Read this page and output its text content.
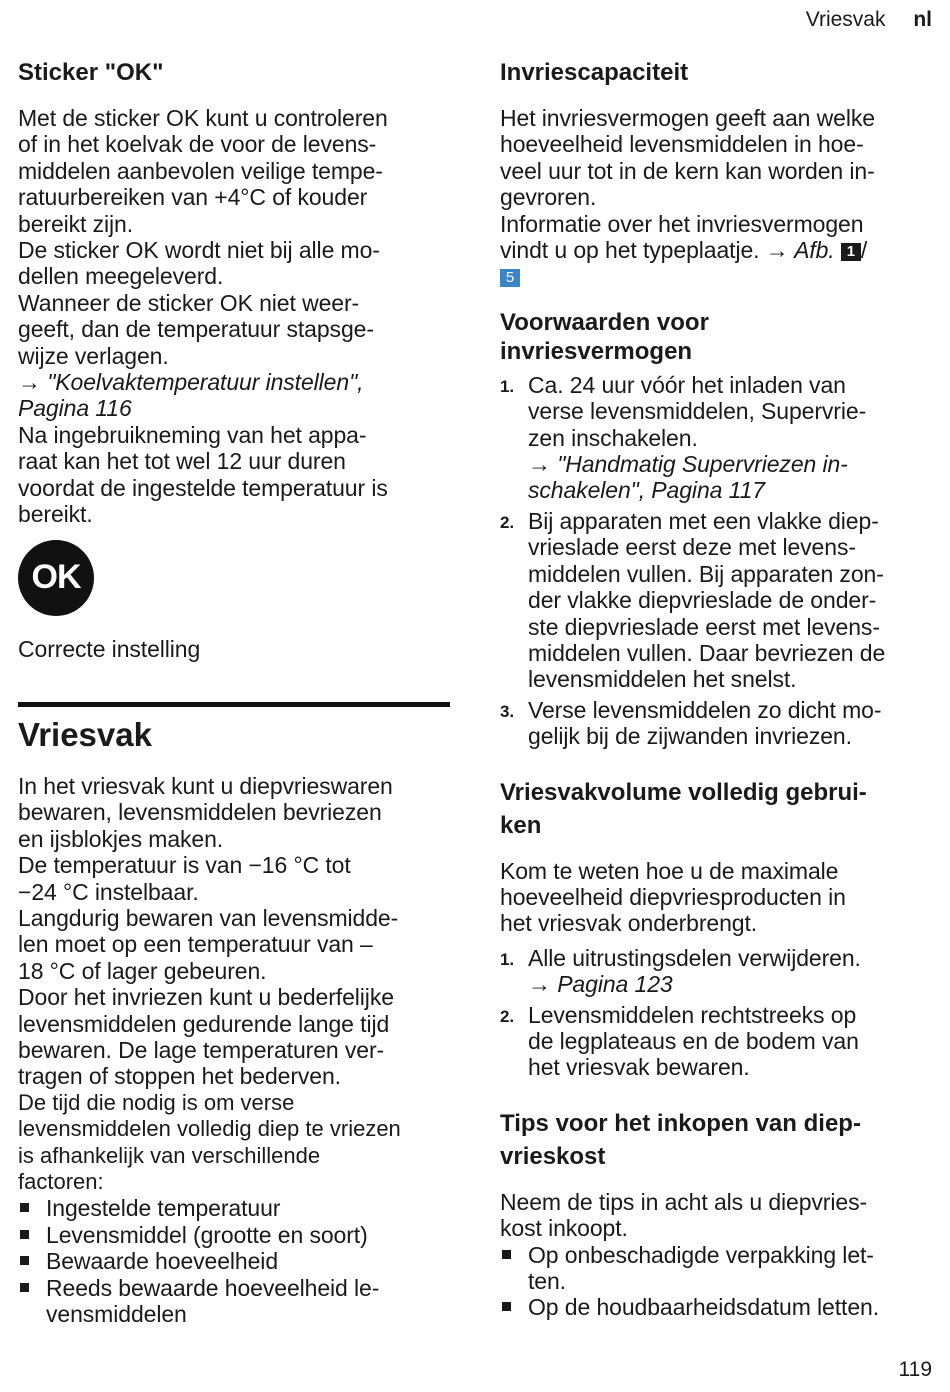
Vriesvak nl
Sticker "OK"
Met de sticker OK kunt u controleren
of in het koelvak de voor de levens-
middelen aanbevolen veilige tempe-
ratuurbereiken van +4°C of kouder
bereikt zijn.
De sticker OK wordt niet bij alle mo-
dellen meegeleverd.
Wanneer de sticker OK niet weer-
geeft, dan de temperatuur stapsge-
wijze verlagen.
→ "Koelvaktemperatuur instellen",
Pagina 116
Na ingebruikneming van het appa-
raat kan het tot wel 12 uur duren
voordat de ingestelde temperatuur is
bereikt.
OK
Correcte instelling
Vriesvak
In het vriesvak kunt u diepvrieswaren
bewaren, levensmiddelen bevriezen
en ijsblokjes maken.
De temperatuur is van −16 °C tot
−24 °C instelbaar.
Langdurig bewaren van levensmidde-
len moet op een temperatuur van –
18 °C of lager gebeuren.
Door het invriezen kunt u bederfelijke
levensmiddelen gedurende lange tijd
bewaren. De lage temperaturen ver-
tragen of stoppen het bederven.
De tijd die nodig is om verse
levensmiddelen volledig diep te vriezen
is afhankelijk van verschillende
factoren:
Ingestelde temperatuur
Levensmiddel (grootte en soort)
Bewaarde hoeveelheid
Reeds bewaarde hoeveelheid le-
vensmiddelen
Invriescapaciteit
Het invriesvermogen geeft aan welke
hoeveelheid levensmiddelen in hoe-
veel uur tot in de kern kan worden in-
gevroren.
Informatie over het invriesvermogen
vindt u op het typeplaatje. → Afb. 1 /
5
Voorwaarden voor
invriesvermogen
1. Ca. 24 uur vóór het inladen van
verse levensmiddelen, Supervrie-
zen inschakelen.
→ "Handmatig Supervriezen in-
schakelen", Pagina 117
2. Bij apparaten met een vlakke diep-
vrieslade eerst deze met levens-
middelen vullen. Bij apparaten zon-
der vlakke diepvrieslade de onder-
ste diepvrieslade eerst met levens-
middelen vullen. Daar bevriezen de
levensmiddelen het snelst.
3. Verse levensmiddelen zo dicht mo-
gelijk bij de zijwanden invriezen.
Vriesvakvolume volledig gebrui-
ken
Kom te weten hoe u de maximale
hoeveelheid diepvriesproducten in
het vriesvak onderbrengt.
1. Alle uitrustingsdelen verwijderen.
→ Pagina 123
2. Levensmiddelen rechtstreeks op
de legplateaus en de bodem van
het vriesvak bewaren.
Tips voor het inkopen van diep-
vrieskost
Neem de tips in acht als u diepvries-
kost inkoopt.
Op onbeschadigde verpakking let-
ten.
Op de houdbaarheidsdatum letten.
119
